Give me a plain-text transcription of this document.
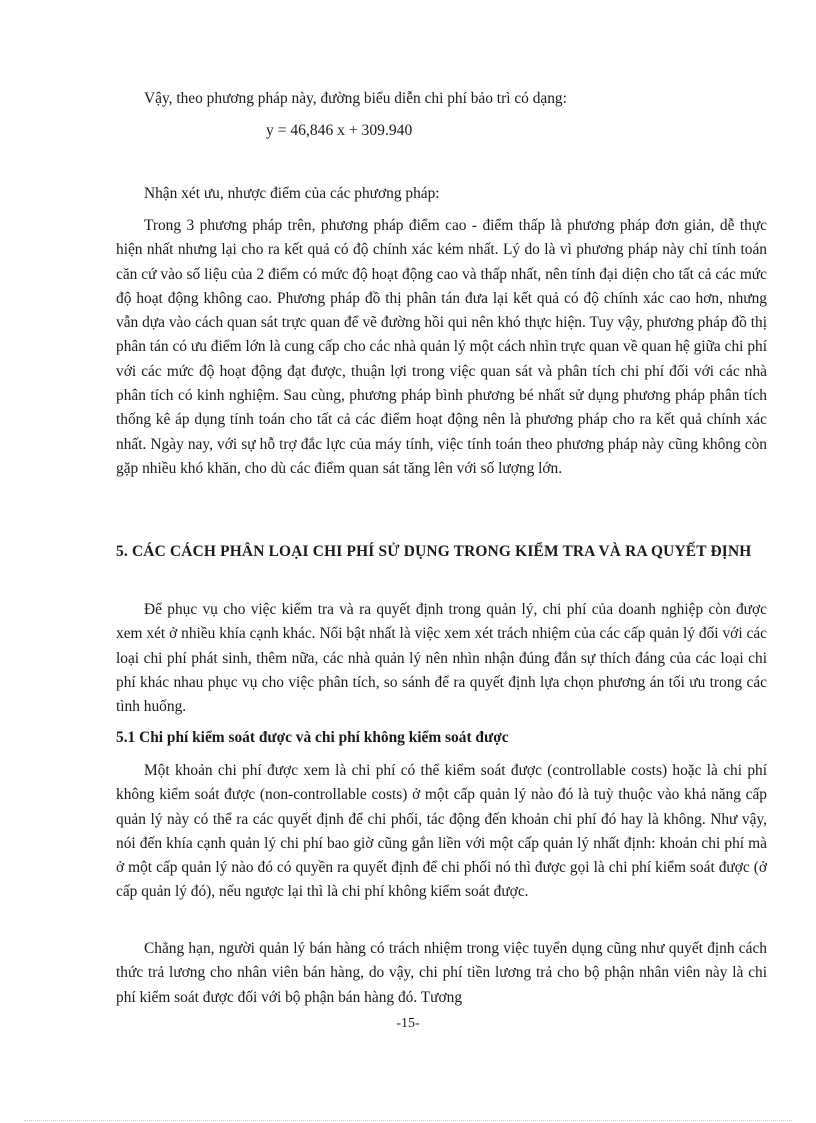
Vậy, theo phương pháp này, đường biểu diễn chi phí bảo trì có dạng:
y = 46,846 x + 309.940
Nhận xét ưu, nhược điểm của các phương pháp:

Trong 3 phương pháp trên, phương pháp điểm cao - điểm thấp là phương pháp đơn giản, dễ thực hiện nhất nhưng lại cho ra kết quả có độ chính xác kém nhất. Lý do là vì phương pháp này chỉ tính toán căn cứ vào số liệu của 2 điểm có mức độ hoạt động cao và thấp nhất, nên tính đại diện cho tất cả các mức độ hoạt động không cao. Phương pháp đồ thị phân tán đưa lại kết quả có độ chính xác cao hơn, nhưng vẫn dựa vào cách quan sát trực quan để vẽ đường hồi qui nên khó thực hiện. Tuy vậy, phương pháp đồ thị phân tán có ưu điểm lớn là cung cấp cho các nhà quản lý một cách nhìn trực quan về quan hệ giữa chi phí với các mức độ hoạt động đạt được, thuận lợi trong việc quan sát và phân tích chi phí đối với các nhà phân tích có kinh nghiệm. Sau cùng, phương pháp bình phương bé nhất sử dụng phương pháp phân tích thống kê áp dụng tính toán cho tất cả các điểm hoạt động nên là phương pháp cho ra kết quả chính xác nhất. Ngày nay, với sự hỗ trợ đắc lực của máy tính, việc tính toán theo phương pháp này cũng không còn gặp nhiều khó khăn, cho dù các điểm quan sát tăng lên với số lượng lớn.

5. CÁC CÁCH PHÂN LOẠI CHI PHÍ SỬ DỤNG TRONG KIỂM TRA VÀ RA QUYẾT ĐỊNH

Để phục vụ cho việc kiểm tra và ra quyết định trong quản lý, chi phí của doanh nghiệp còn được xem xét ở nhiều khía cạnh khác. Nổi bật nhất là việc xem xét trách nhiệm của các cấp quản lý đối với các loại chi phí phát sinh, thêm nữa, các nhà quản lý nên nhìn nhận đúng đắn sự thích đáng của các loại chi phí khác nhau phục vụ cho việc phân tích, so sánh để ra quyết định lựa chọn phương án tối ưu trong các tình huống.

5.1 Chi phí kiểm soát được và chi phí không kiểm soát được

Một khoản chi phí được xem là chi phí có thể kiểm soát được (controllable costs) hoặc là chi phí không kiểm soát được (non-controllable costs) ở một cấp quản lý nào đó là tuỳ thuộc vào khả năng cấp quản lý này có thể ra các quyết định để chi phối, tác động đến khoản chi phí đó hay là không. Như vậy, nói đến khía cạnh quản lý chi phí bao giờ cũng gắn liền với một cấp quản lý nhất định: khoản chi phí mà ở một cấp quản lý nào đó có quyền ra quyết định để chi phối nó thì được gọi là chi phí kiểm soát được (ở cấp quản lý đó), nếu ngược lại thì là chi phí không kiểm soát được.

Chẳng hạn, người quản lý bán hàng có trách nhiệm trong việc tuyển dụng cũng như quyết định cách thức trả lương cho nhân viên bán hàng, do vậy, chi phí tiền lương trả cho bộ phận nhân viên này là chi phí kiểm soát được đối với bộ phận bán hàng đó. Tương

-15-
